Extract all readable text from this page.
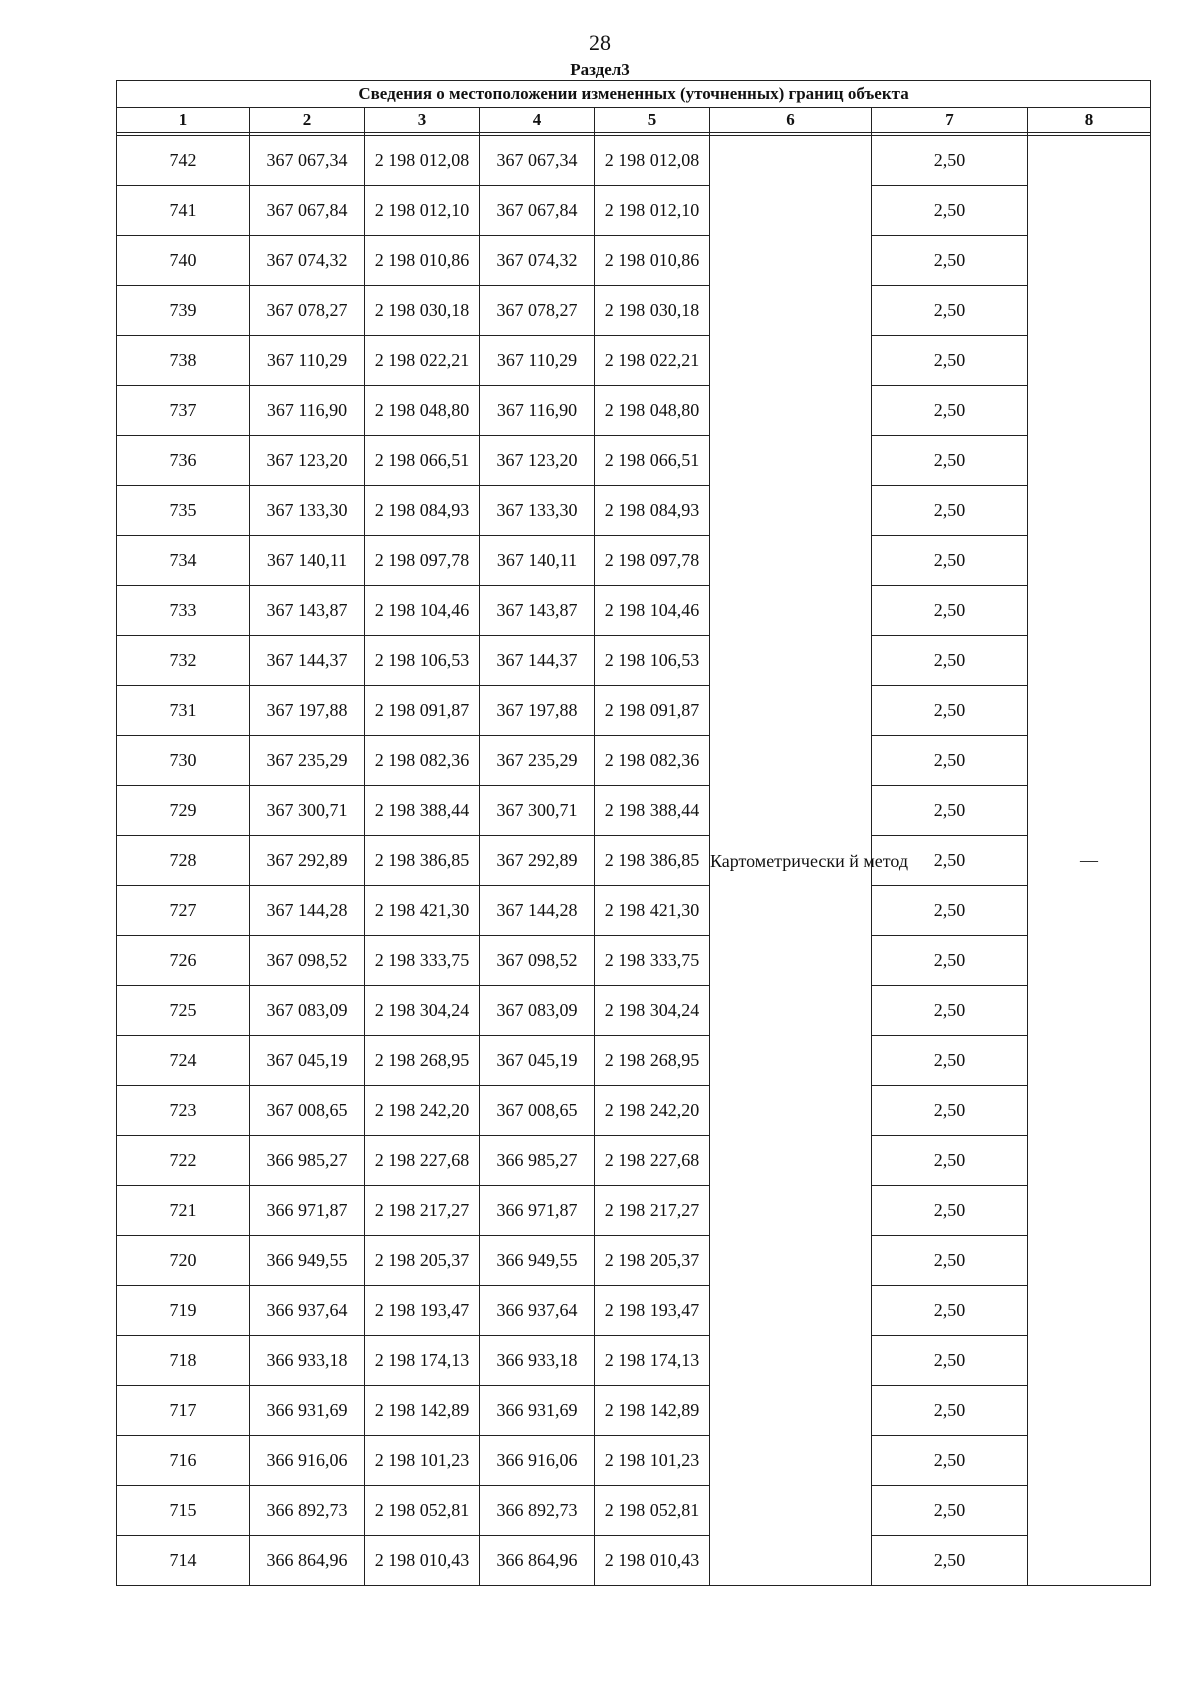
28
Раздел3
Сведения о местоположении измененных (уточненных) границ объекта							
1	2	3	4	5	6	7	8

742	367 067,34	2 198 012,08	367 067,34	2 198 012,08	Картометрически й метод	2,50	—
741	367 067,84	2 198 012,10	367 067,84	2 198 012,10		2,50	
740	367 074,32	2 198 010,86	367 074,32	2 198 010,86		2,50	
739	367 078,27	2 198 030,18	367 078,27	2 198 030,18		2,50	
738	367 110,29	2 198 022,21	367 110,29	2 198 022,21		2,50	
737	367 116,90	2 198 048,80	367 116,90	2 198 048,80		2,50	
736	367 123,20	2 198 066,51	367 123,20	2 198 066,51		2,50	
735	367 133,30	2 198 084,93	367 133,30	2 198 084,93		2,50	
734	367 140,11	2 198 097,78	367 140,11	2 198 097,78		2,50	
733	367 143,87	2 198 104,46	367 143,87	2 198 104,46		2,50	
732	367 144,37	2 198 106,53	367 144,37	2 198 106,53		2,50	
731	367 197,88	2 198 091,87	367 197,88	2 198 091,87		2,50	
730	367 235,29	2 198 082,36	367 235,29	2 198 082,36		2,50	
729	367 300,71	2 198 388,44	367 300,71	2 198 388,44		2,50	
728	367 292,89	2 198 386,85	367 292,89	2 198 386,85		2,50	
727	367 144,28	2 198 421,30	367 144,28	2 198 421,30		2,50	
726	367 098,52	2 198 333,75	367 098,52	2 198 333,75		2,50	
725	367 083,09	2 198 304,24	367 083,09	2 198 304,24		2,50	
724	367 045,19	2 198 268,95	367 045,19	2 198 268,95		2,50	
723	367 008,65	2 198 242,20	367 008,65	2 198 242,20		2,50	
722	366 985,27	2 198 227,68	366 985,27	2 198 227,68		2,50	
721	366 971,87	2 198 217,27	366 971,87	2 198 217,27		2,50	
720	366 949,55	2 198 205,37	366 949,55	2 198 205,37		2,50	
719	366 937,64	2 198 193,47	366 937,64	2 198 193,47		2,50	
718	366 933,18	2 198 174,13	366 933,18	2 198 174,13		2,50	
717	366 931,69	2 198 142,89	366 931,69	2 198 142,89		2,50	
716	366 916,06	2 198 101,23	366 916,06	2 198 101,23		2,50	
715	366 892,73	2 198 052,81	366 892,73	2 198 052,81		2,50	
714	366 864,96	2 198 010,43	366 864,96	2 198 010,43		2,50	
